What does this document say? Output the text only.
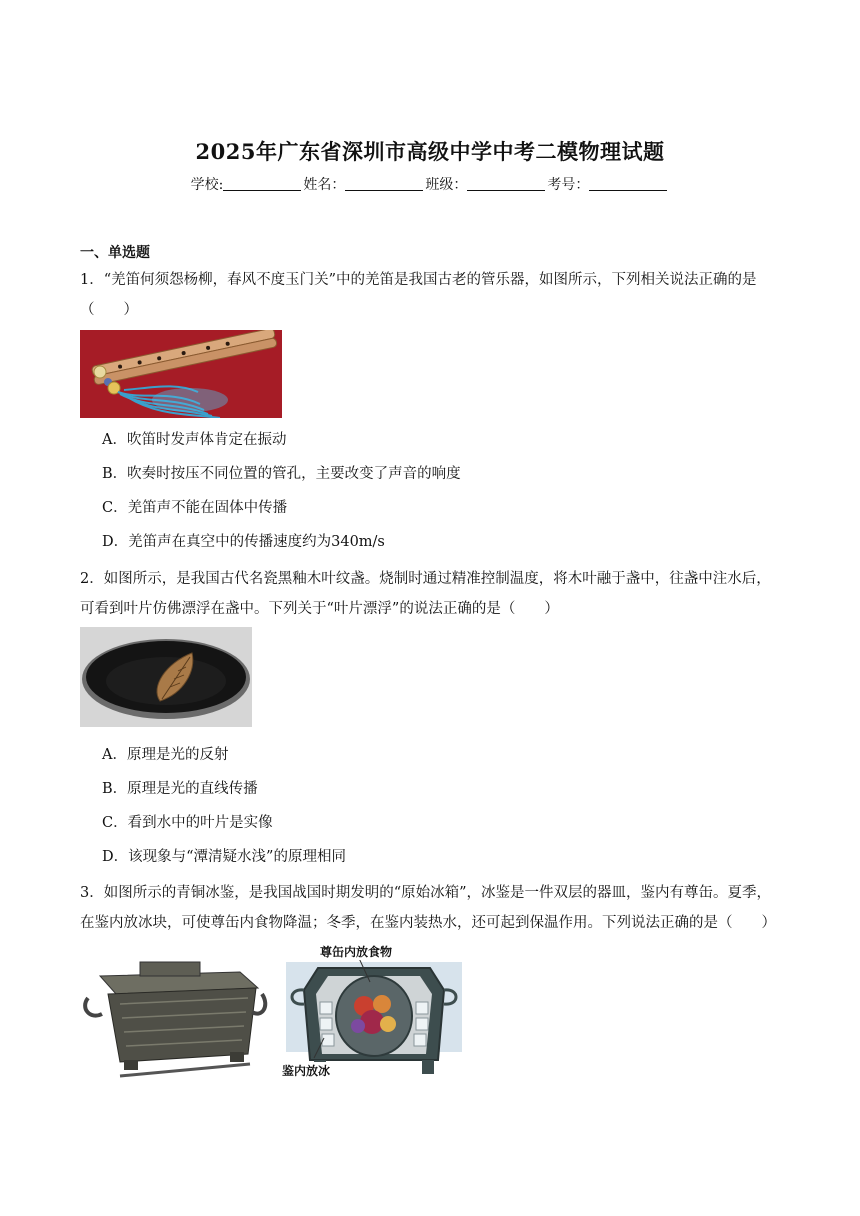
2025年广东省深圳市高级中学中考二模物理试题
学校:	姓名：	班级：	考号：
一、单选题
1．“羌笛何须怨杨柳，春风不度玉门关”中的羌笛是我国古老的管乐器，如图所示，下列相关说法正确的是
（　　）
A．吹笛时发声体肯定在振动
B．吹奏时按压不同位置的管孔，主要改变了声音的响度
C．羌笛声不能在固体中传播
D．羌笛声在真空中的传播速度约为340m/s
2．如图所示，是我国古代名瓷黑釉木叶纹盏。烧制时通过精准控制温度，将木叶融于盏中，往盏中注水后，
可看到叶片仿佛漂浮在盏中。下列关于“叶片漂浮”的说法正确的是（　　）
A．原理是光的反射
B．原理是光的直线传播
C．看到水中的叶片是实像
D．该现象与“潭清疑水浅”的原理相同
3．如图所示的青铜冰鉴，是我国战国时期发明的“原始冰箱”，冰鉴是一件双层的器皿，鉴内有尊缶。夏季，
在鉴内放冰块，可使尊缶内食物降温；冬季，在鉴内装热水，还可起到保温作用。下列说法正确的是（　　）
尊缶内放食物
鉴内放冰
